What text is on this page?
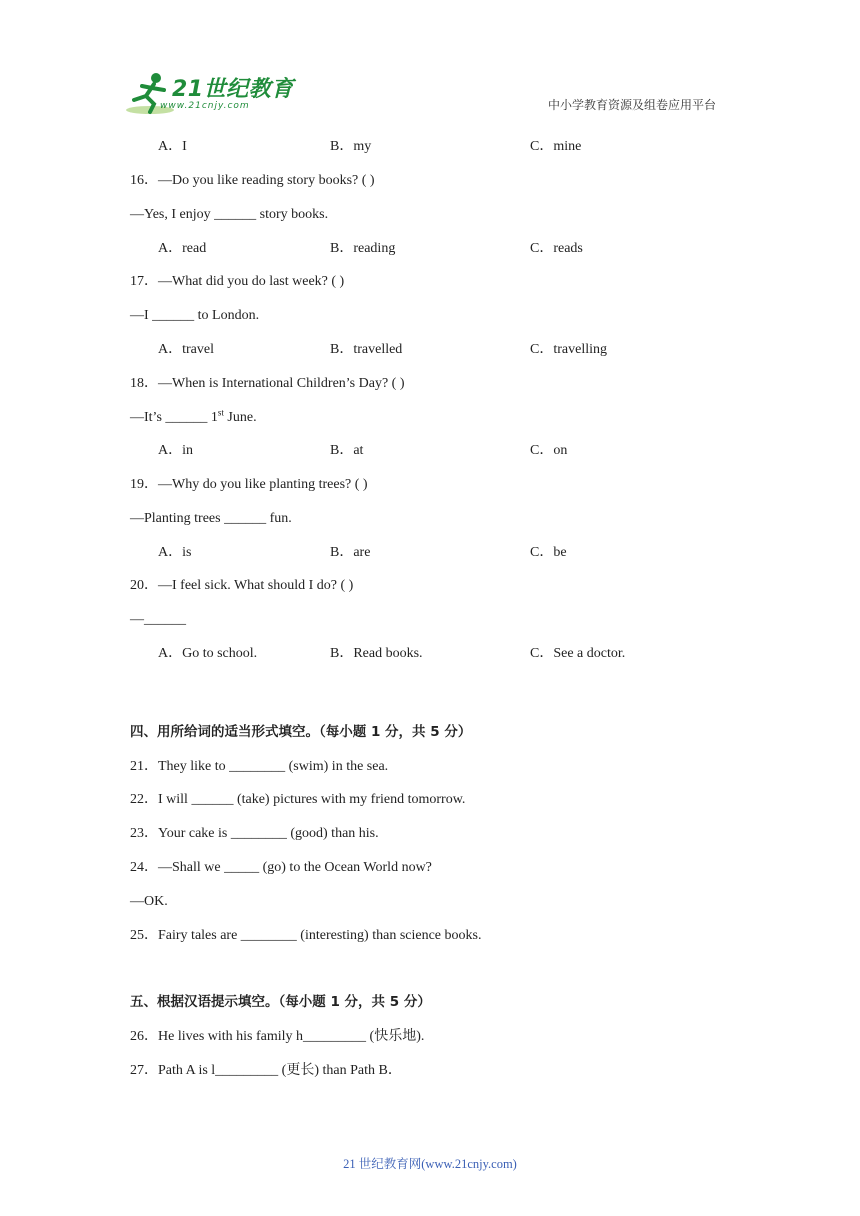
21世纪教育
www.21cnjy.com	中小学教育资源及组卷应用平台
A．I	B．my	C．mine
16．—Do you like reading story books? ( )
—Yes, I enjoy ______ story books.
A．read	B．reading	C．reads
17．—What did you do last week? ( )
—I ______ to London.
A．travel	B．travelled	C．travelling
18．—When is International Children’s Day? ( )
—It’s ______ 1st June.
A．in	B．at	C．on
19．—Why do you like planting trees? ( )
—Planting trees ______ fun.
A．is	B．are	C．be
20．—I feel sick. What should I do? ( )
—______
A．Go to school.	B．Read books.	C．See a doctor.
四、用所给词的适当形式填空。（每小题 1 分，共 5 分）
21．They like to ________ (swim) in the sea.
22．I will ______ (take) pictures with my friend tomorrow.
23．Your cake is ________ (good) than his.
24．—Shall we _____ (go) to the Ocean World now?
—OK.
25．Fairy tales are ________ (interesting) than science books.
五、根据汉语提示填空。（每小题 1 分，共 5 分）
26．He lives with his family h_________ (快乐地).
27．Path A is l_________ (更长) than Path B．
21 世纪教育网(www.21cnjy.com)
